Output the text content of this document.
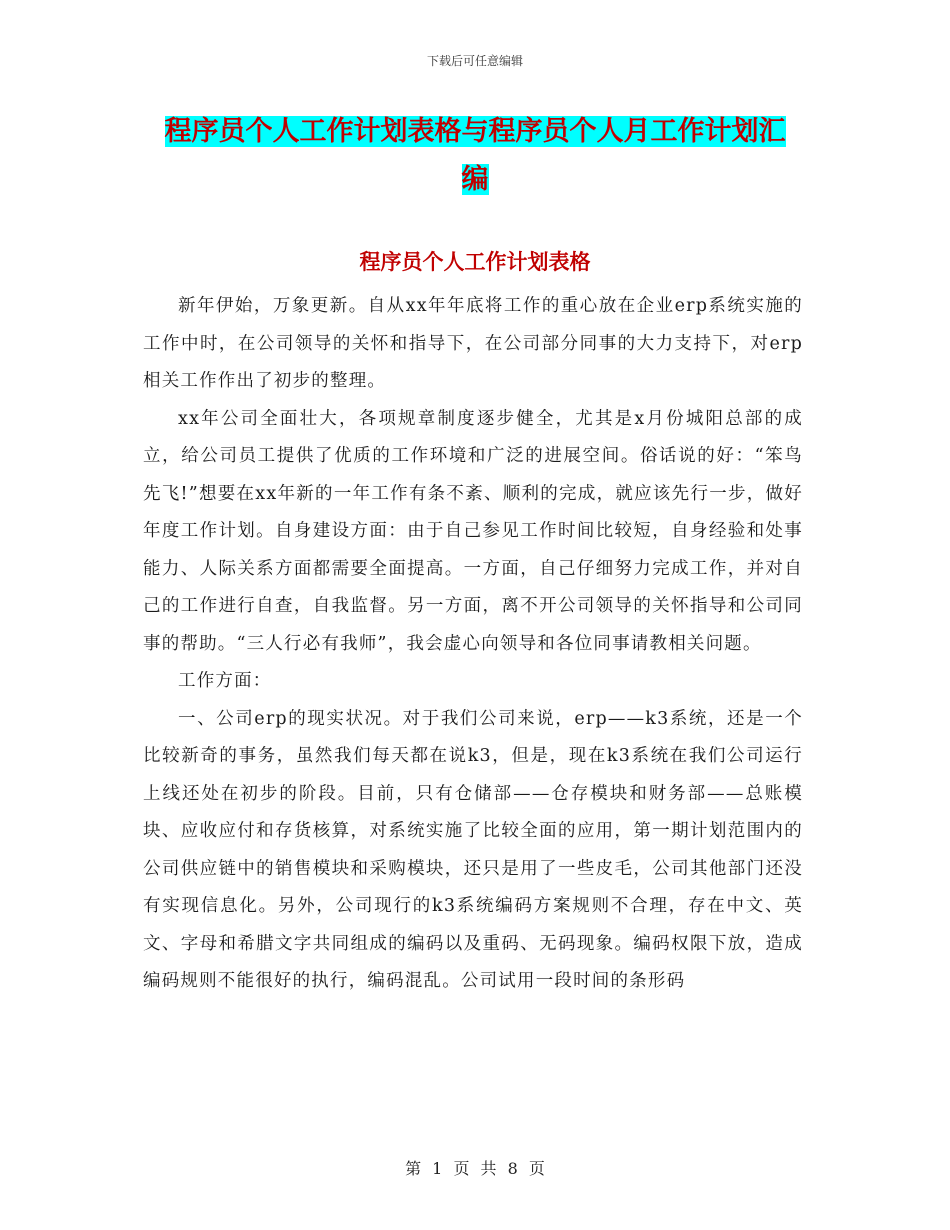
下载后可任意编辑
程序员个人工作计划表格与程序员个人月工作计划汇
编
程序员个人工作计划表格

新年伊始，万象更新。自从xx年年底将工作的重心放在企业erp系统实施的工作中时，在公司领导的关怀和指导下，在公司部分同事的大力支持下，对erp相关工作作出了初步的整理。

xx年公司全面壮大，各项规章制度逐步健全，尤其是x月份城阳总部的成立，给公司员工提供了优质的工作环境和广泛的进展空间。俗话说的好：“笨鸟先飞!”想要在xx年新的一年工作有条不紊、顺利的完成，就应该先行一步，做好年度工作计划。自身建设方面：由于自己参见工作时间比较短，自身经验和处事能力、人际关系方面都需要全面提高。一方面，自己仔细努力完成工作，并对自己的工作进行自查，自我监督。另一方面，离不开公司领导的关怀指导和公司同事的帮助。“三人行必有我师”，我会虚心向领导和各位同事请教相关问题。

工作方面：

一、公司erp的现实状况。对于我们公司来说，erp——k3系统，还是一个比较新奇的事务，虽然我们每天都在说k3，但是，现在k3系统在我们公司运行上线还处在初步的阶段。目前，只有仓储部——仓存模块和财务部——总账模块、应收应付和存货核算，对系统实施了比较全面的应用，第一期计划范围内的公司供应链中的销售模块和采购模块，还只是用了一些皮毛，公司其他部门还没有实现信息化。另外，公司现行的k3系统编码方案规则不合理，存在中文、英文、字母和希腊文字共同组成的编码以及重码、无码现象。编码权限下放，造成编码规则不能很好的执行，编码混乱。公司试用一段时间的条形码

第 1 页 共 8 页
